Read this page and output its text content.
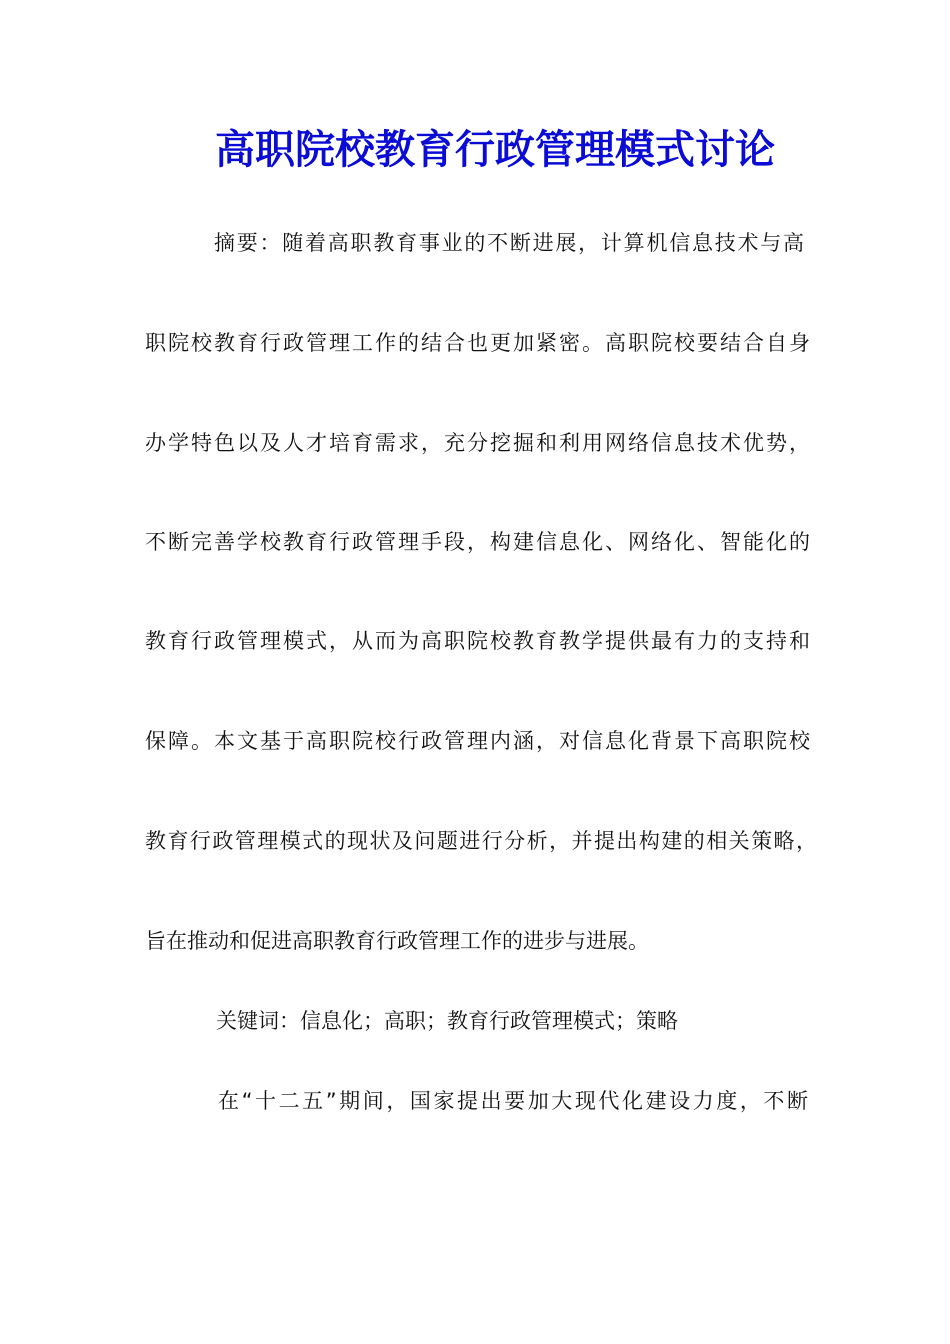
高职院校教育行政管理模式讨论
摘要：随着高职教育事业的不断进展，计算机信息技术与高
职院校教育行政管理工作的结合也更加紧密。高职院校要结合自身
办学特色以及人才培育需求，充分挖掘和利用网络信息技术优势，
不断完善学校教育行政管理手段，构建信息化、网络化、智能化的
教育行政管理模式，从而为高职院校教育教学提供最有力的支持和
保障。本文基于高职院校行政管理内涵，对信息化背景下高职院校
教育行政管理模式的现状及问题进行分析，并提出构建的相关策略，
旨在推动和促进高职教育行政管理工作的进步与进展。
关键词：信息化；高职；教育行政管理模式；策略
在“十二五”期间，国家提出要加大现代化建设力度，不断
